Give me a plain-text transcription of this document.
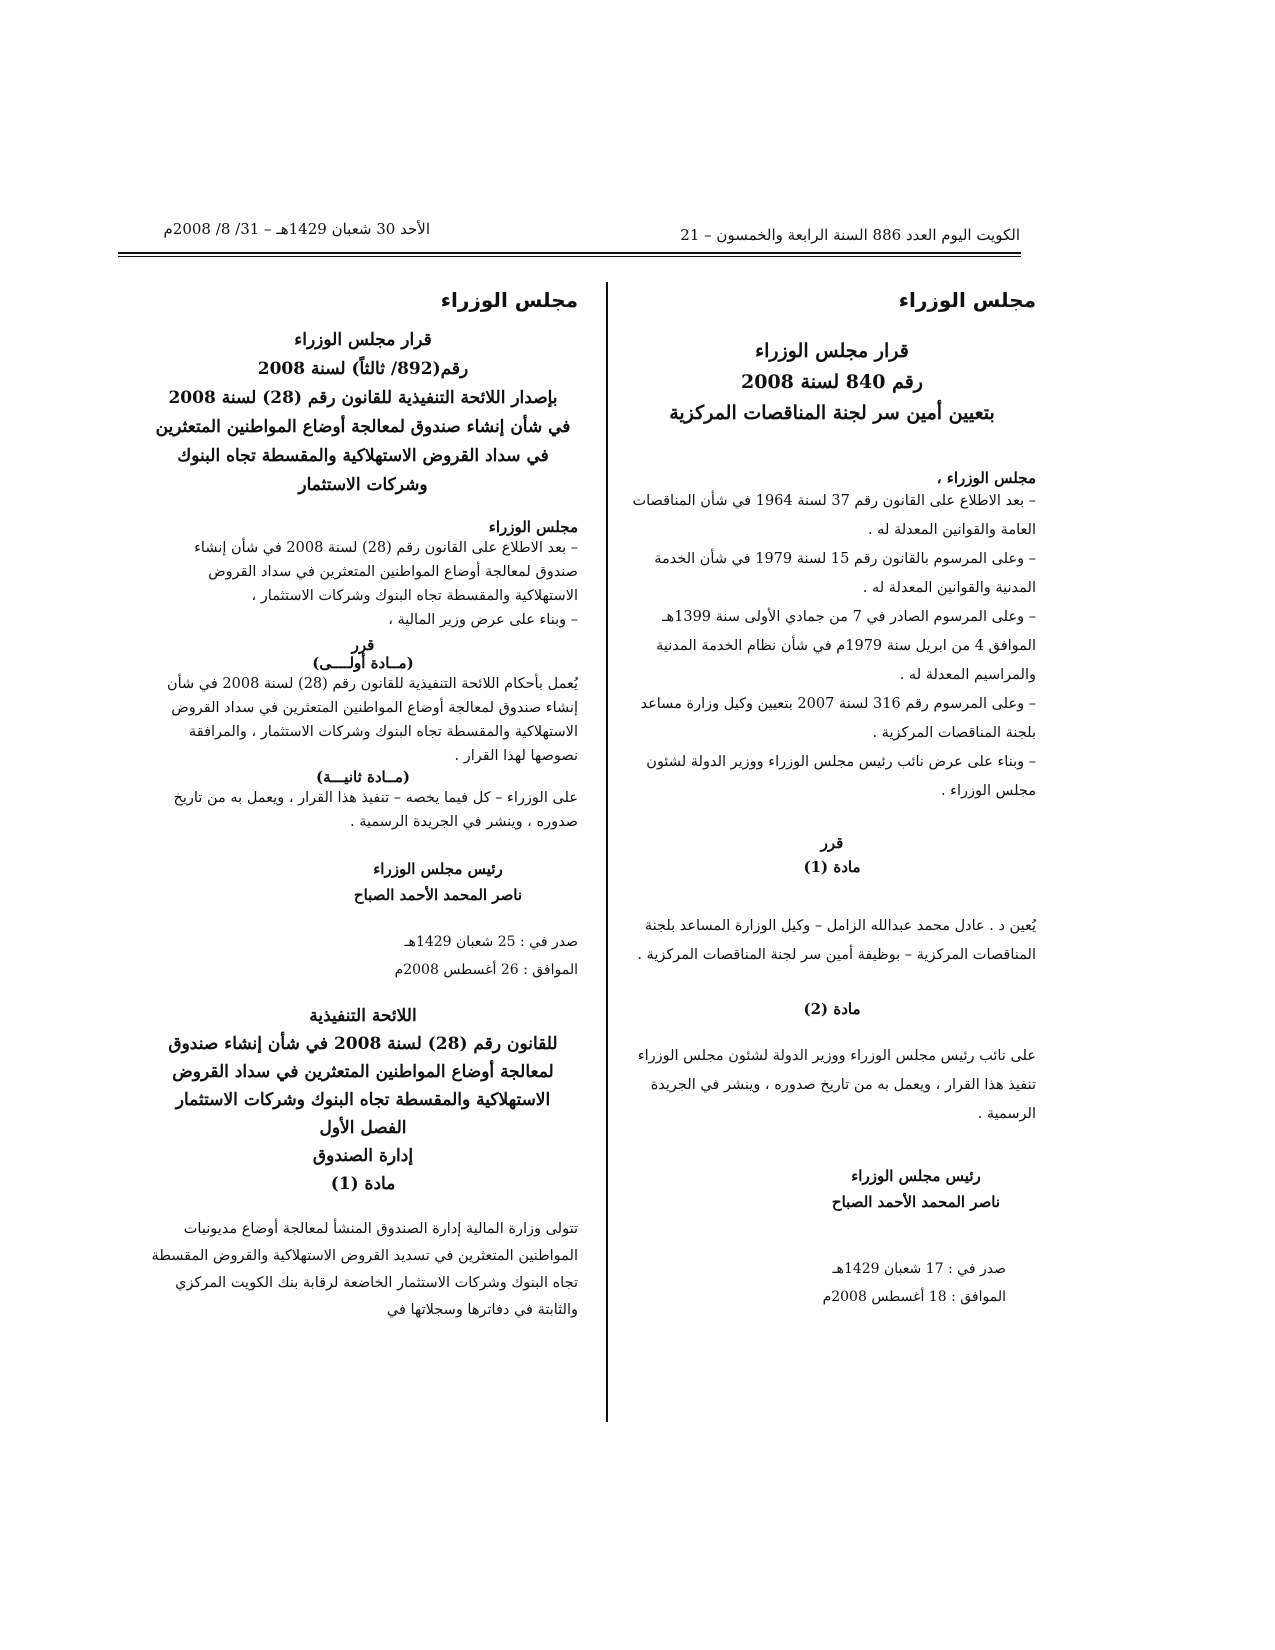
الكويت اليوم العدد 886 السنة الرابعة والخمسون – 21
الأحد 30 شعبان 1429هـ – 31/ 8/ 2008م
مجلس الوزراء
قرار مجلس الوزراء
رقم 840 لسنة 2008
بتعيين أمين سر لجنة المناقصات المركزية
مجلس الوزراء ،

– بعد الاطلاع على القانون رقم 37 لسنة 1964 في شأن المناقصات العامة والقوانين المعدلة له .

– وعلى المرسوم بالقانون رقم 15 لسنة 1979 في شأن الخدمة المدنية والقوانين المعدلة له .

– وعلى المرسوم الصادر في 7 من جمادي الأولى سنة 1399هـ الموافق 4 من ابريل سنة 1979م في شأن نظام الخدمة المدنية والمراسيم المعدلة له .

– وعلى المرسوم رقم 316 لسنة 2007 بتعيين وكيل وزارة مساعد بلجنة المناقصات المركزية .

– وبناء على عرض نائب رئيس مجلس الوزراء ووزير الدولة لشئون مجلس الوزراء .

قرر
مادة (1)
يُعين د . عادل محمد عبدالله الزامل – وكيل الوزارة المساعد بلجنة المناقصات المركزية – بوظيفة أمين سر لجنة المناقصات المركزية .
مادة (2)
على نائب رئيس مجلس الوزراء ووزير الدولة لشئون مجلس الوزراء تنفيذ هذا القرار ، ويعمل به من تاريخ صدوره ، وينشر في الجريدة الرسمية .
رئيس مجلس الوزراء
ناصر المحمد الأحمد الصباح
صدر في : 17 شعبان 1429هـ
الموافق : 18 أغسطس 2008م
مجلس الوزراء
قرار مجلس الوزراء
رقم(892/ ثالثاً) لسنة 2008
بإصدار اللائحة التنفيذية للقانون رقم (28) لسنة 2008
في شأن إنشاء صندوق لمعالجة أوضاع المواطنين المتعثرين
في سداد القروض الاستهلاكية والمقسطة تجاه البنوك
وشركات الاستثمار
مجلس الوزراء

– بعد الاطلاع على القانون رقم (28) لسنة 2008 في شأن إنشاء صندوق لمعالجة أوضاع المواطنين المتعثرين في سداد القروض الاستهلاكية والمقسطة تجاه البنوك وشركات الاستثمار ،

– وبناء على عرض وزير المالية ،

قرر
(مــادة أولــــى)
يُعمل بأحكام اللائحة التنفيذية للقانون رقم (28) لسنة 2008 في شأن إنشاء صندوق لمعالجة أوضاع المواطنين المتعثرين في سداد القروض الاستهلاكية والمقسطة تجاه البنوك وشركات الاستثمار ، والمرافقة نصوصها لهذا القرار .
(مــادة ثانيـــة)
على الوزراء – كل فيما يخصه – تنفيذ هذا القرار ، ويعمل به من تاريخ صدوره ، وينشر في الجريدة الرسمية .
رئيس مجلس الوزراء
ناصر المحمد الأحمد الصباح
صدر في : 25 شعبان 1429هـ
الموافق : 26 أغسطس 2008م
اللائحة التنفيذية
للقانون رقم (28) لسنة 2008 في شأن إنشاء صندوق
لمعالجة أوضاع المواطنين المتعثرين في سداد القروض
الاستهلاكية والمقسطة تجاه البنوك وشركات الاستثمار
الفصل الأول
إدارة الصندوق
مادة (1)
تتولى وزارة المالية إدارة الصندوق المنشأ لمعالجة أوضاع مديونيات المواطنين المتعثرين في تسديد القروض الاستهلاكية والقروض المقسطة تجاه البنوك وشركات الاستثمار الخاضعة لرقابة بنك الكويت المركزي والثابتة في دفاترها وسجلاتها في
